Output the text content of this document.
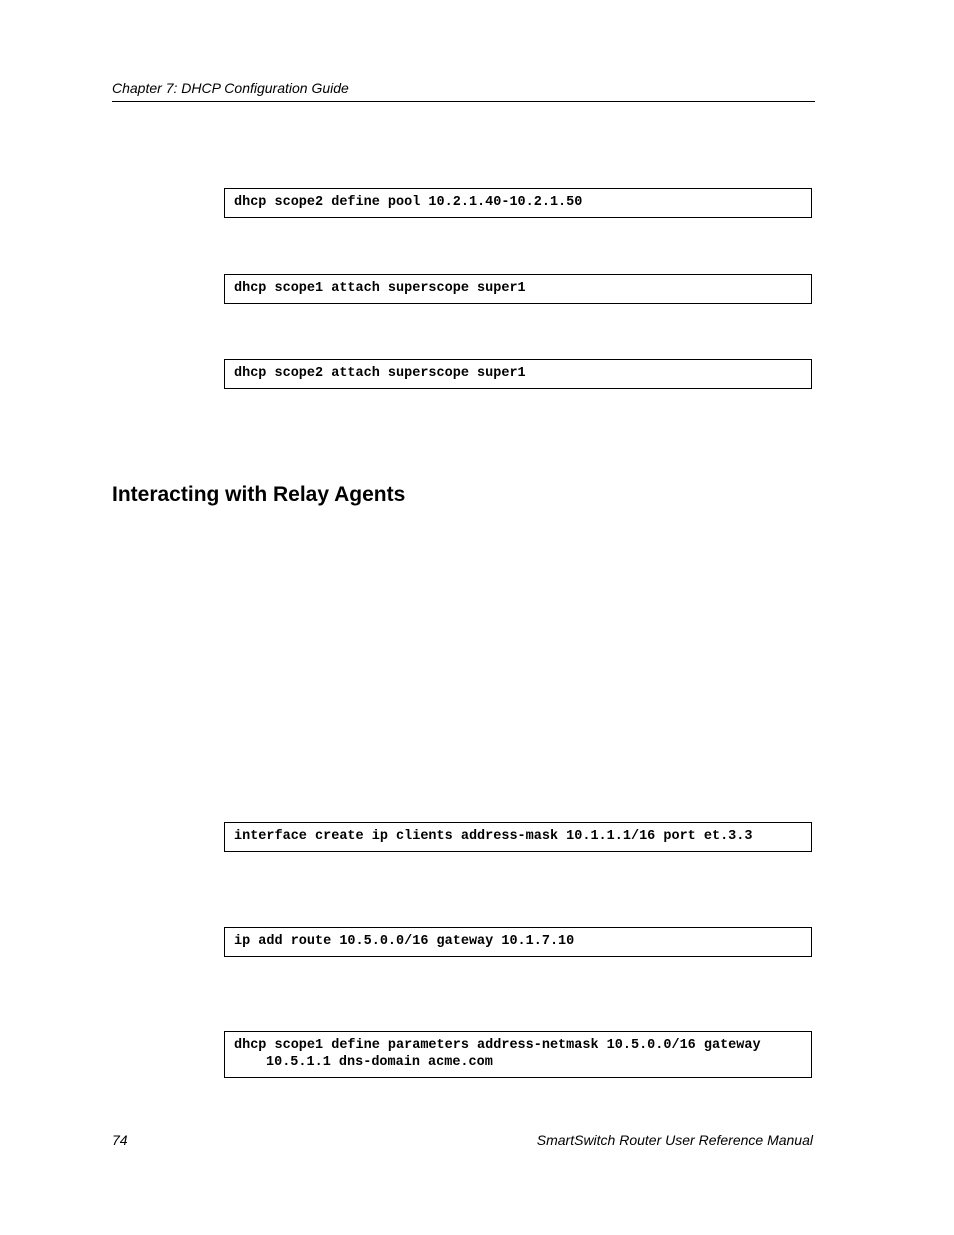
Chapter 7: DHCP Configuration Guide
dhcp scope2 define pool 10.2.1.40-10.2.1.50
dhcp scope1 attach superscope super1
dhcp scope2 attach superscope super1
Interacting with Relay Agents
interface create ip clients address-mask 10.1.1.1/16 port et.3.3
ip add route 10.5.0.0/16 gateway 10.1.7.10
dhcp scope1 define parameters address-netmask 10.5.0.0/16 gateway
10.5.1.1 dns-domain acme.com
74	SmartSwitch Router User Reference Manual
